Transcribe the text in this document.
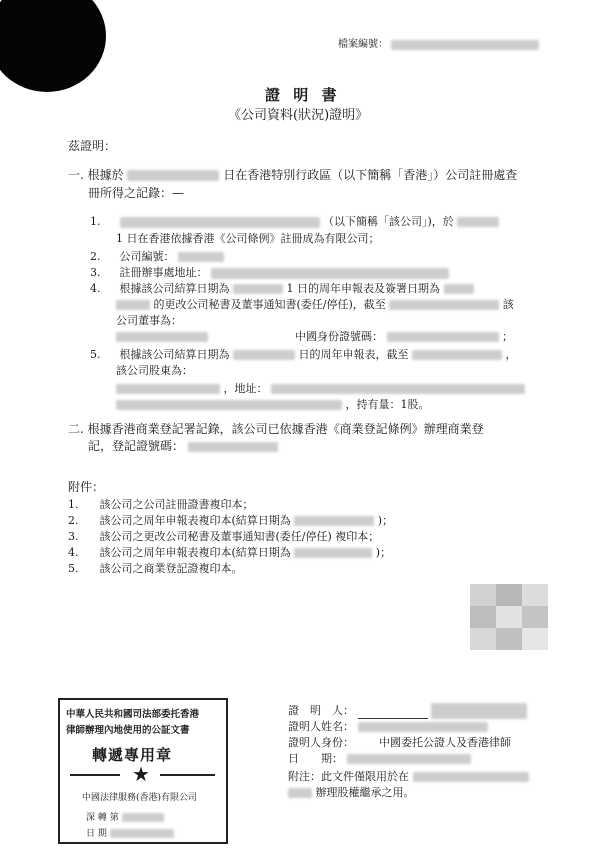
檔案編號：
證 明 書
《公司資料(狀況)證明》
茲證明：
一. 根據於	日在香港特別行政區（以下簡稱「香港」）公司註冊處查
冊所得之記錄：—
1.	（以下簡稱「該公司」)，於
1 日在香港依據香港《公司條例》註冊成為有限公司；
2. 公司編號：
3. 註冊辦事處地址：
4. 根據該公司結算日期為	1 日的周年申報表及簽署日期為
的更改公司秘書及董事通知書(委任/停任)，截至	該
公司董事為：
中國身份證號碼：	；
5. 根據該公司結算日期為	日的周年申報表，截至	，
該公司股東為：
，地址：
，持有量：1股。
二. 根據香港商業登記署記錄，該公司已依據香港《商業登記條例》辦理商業登
記，登記證號碼：
附件：
1. 該公司之公司註冊證書複印本；
2. 該公司之周年申報表複印本(結算日期為	)；
3. 該公司之更改公司秘書及董事通知書(委任/停任) 複印本；
4. 該公司之周年申報表複印本(結算日期為	)；
5. 該公司之商業登記證複印本。
中華人民共和國司法部委托香港
律師辦理內地使用的公証文書
轉遞專用章
★
中國法律服務(香港)有限公司
深 轉 第
日 期
證　明　人：
證明人姓名：
證明人身份： 中國委托公證人及香港律師
日　　期：
附注：此文件僅限用於在
辦理股權繼承之用。
